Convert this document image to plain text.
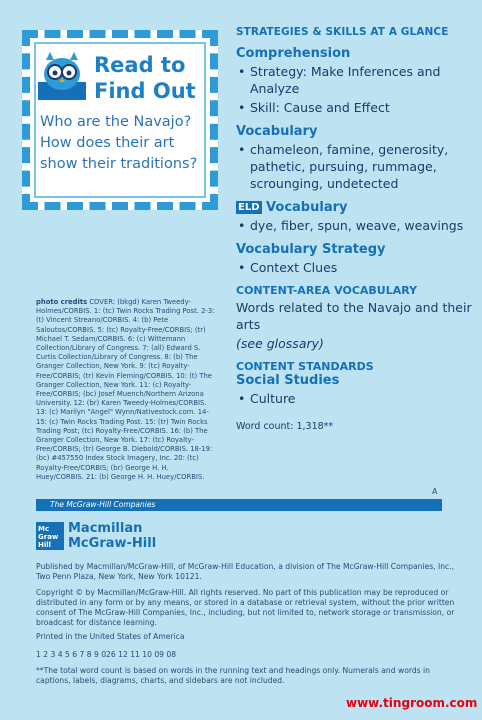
Read to
Find Out
Who are the Navajo? How does their art show their traditions?
STRATEGIES & SKILLS AT A GLANCE
Comprehension
• Strategy: Make Inferences and Analyze
• Skill: Cause and Effect
Vocabulary
• chameleon, famine, generosity, pathetic, pursuing, rummage, scrounging, undetected
ELD Vocabulary
• dye, fiber, spun, weave, weavings
Vocabulary Strategy
• Context Clues
CONTENT-AREA VOCABULARY
Words related to the Navajo and their arts
(see glossary)
CONTENT STANDARDS
Social Studies
• Culture
Word count: 1,318**
photo credits COVER: (bkgd) Karen Tweedy-Holmes/CORBIS. 1: (tc) Twin Rocks Trading Post. 2-3: (t) Vincent Streano/CORBIS. 4: (b) Pete Saloutos/CORBIS. 5: (tc) Royalty-Free/CORBIS; (tr) Michael T. Sedam/CORBIS. 6: (c) Wittemann Collection/Library of Congress. 7: (all) Edward S. Curtis Collection/Library of Congress. 8: (b) The Granger Collection, New York. 9: (tc) Royalty-Free/CORBIS; (tr) Kevin Fleming/CORBIS. 10: (t) The Granger Collection, New York. 11: (c) Royalty-Free/CORBIS; (bc) Josef Muench/Northern Arizona University. 12: (br) Karen Tweedy-Holmes/CORBIS. 13: (c) Marilyn "Angel" Wynn/Nativestock.com. 14-15: (c) Twin Rocks Trading Post. 15: (tr) Twin Rocks Trading Post; (tc) Royalty-Free/CORBIS. 16: (b) The Granger Collection, New York. 17: (tc) Royalty-Free/CORBIS; (tr) George B. Diebold/CORBIS. 18-19: (bc) #457550 Index Stock Imagery, Inc. 20: (tc) Royalty-Free/CORBIS; (br) George H. H. Huey/CORBIS. 21: (b) George H. H. Huey/CORBIS.
A
The McGraw-Hill Companies
Mc Graw Hill
Macmillan
McGraw-Hill
Published by Macmillan/McGraw-Hill, of McGraw-Hill Education, a division of The McGraw-Hill Companies, Inc., Two Penn Plaza, New York, New York 10121.
Copyright © by Macmillan/McGraw-Hill. All rights reserved. No part of this publication may be reproduced or distributed in any form or by any means, or stored in a database or retrieval system, without the prior written consent of The McGraw-Hill Companies, Inc., including, but not limited to, network storage or transmission, or broadcast for distance learning.
Printed in the United States of America
1 2 3 4 5 6 7 8 9 026 12 11 10 09 08
**The total word count is based on words in the running text and headings only. Numerals and words in captions, labels, diagrams, charts, and sidebars are not included.
www.tingroom.com
